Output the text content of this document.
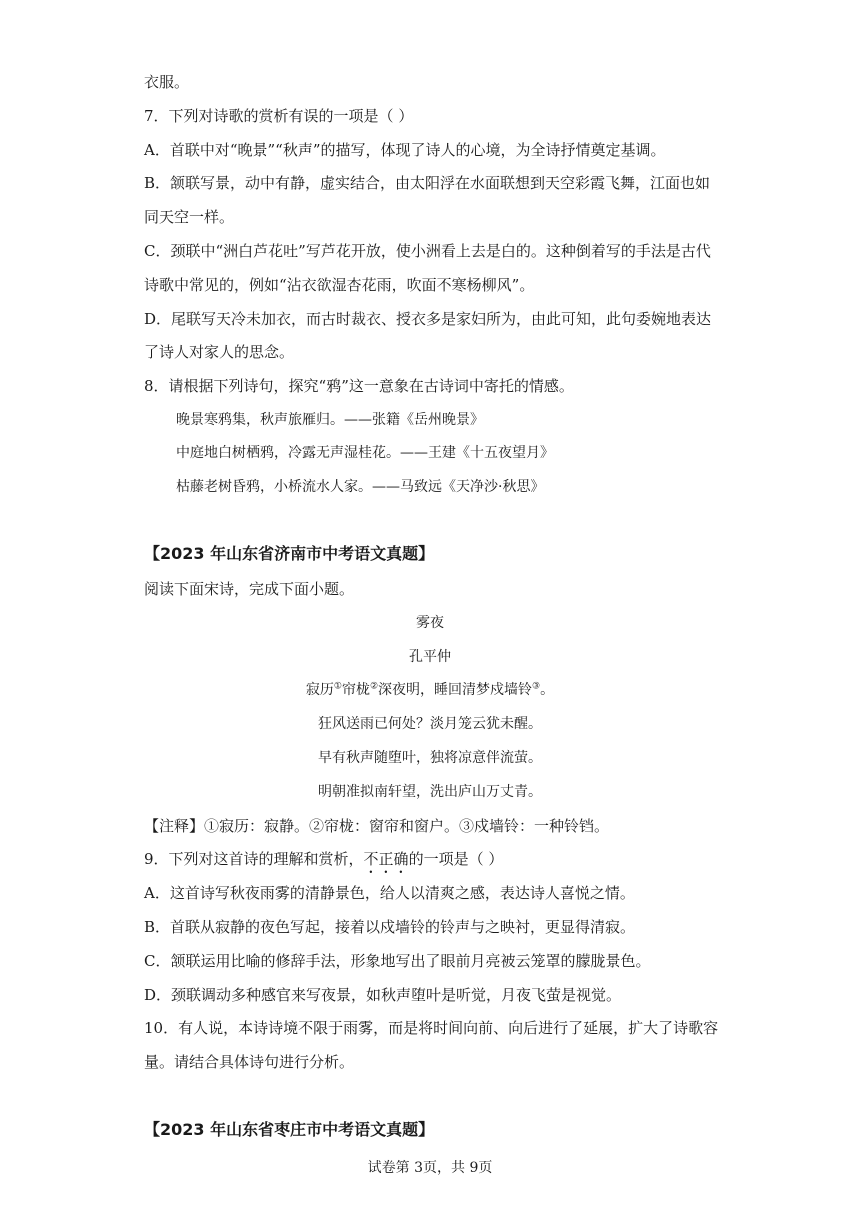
衣服。
7．下列对诗歌的赏析有误的一项是（ ）
A．首联中对“晚景”“秋声”的描写，体现了诗人的心境，为全诗抒情奠定基调。
B．颔联写景，动中有静，虚实结合，由太阳浮在水面联想到天空彩霞飞舞，江面也如
同天空一样。
C．颈联中“洲白芦花吐”写芦花开放，使小洲看上去是白的。这种倒着写的手法是古代
诗歌中常见的，例如“沾衣欲湿杏花雨，吹面不寒杨柳风”。
D．尾联写天冷未加衣，而古时裁衣、授衣多是家妇所为，由此可知，此句委婉地表达
了诗人对家人的思念。
8．请根据下列诗句，探究“鸦”这一意象在古诗词中寄托的情感。
晚景寒鸦集，秋声旅雁归。——张籍《岳州晚景》
中庭地白树栖鸦，冷露无声湿桂花。——王建《十五夜望月》
枯藤老树昏鸦，小桥流水人家。——马致远《天净沙·秋思》
【2023 年山东省济南市中考语文真题】
阅读下面宋诗，完成下面小题。
雾夜
孔平仲
寂历①帘栊②深夜明，睡回清梦戍墙铃③。
狂风送雨已何处？淡月笼云犹未醒。
早有秋声随堕叶，独将凉意伴流萤。
明朝准拟南轩望，洗出庐山万丈青。
【注释】①寂历：寂静。②帘栊：窗帘和窗户。③戍墙铃：一种铃铛。
9．下列对这首诗的理解和赏析，不正确的一项是（ ）
A．这首诗写秋夜雨雾的清静景色，给人以清爽之感，表达诗人喜悦之情。
B．首联从寂静的夜色写起，接着以戍墙铃的铃声与之映衬，更显得清寂。
C．颔联运用比喻的修辞手法，形象地写出了眼前月亮被云笼罩的朦胧景色。
D．颈联调动多种感官来写夜景，如秋声堕叶是听觉，月夜飞萤是视觉。
10．有人说，本诗诗境不限于雨雾，而是将时间向前、向后进行了延展，扩大了诗歌容
量。请结合具体诗句进行分析。
【2023 年山东省枣庄市中考语文真题】
试卷第 3页，共 9页
